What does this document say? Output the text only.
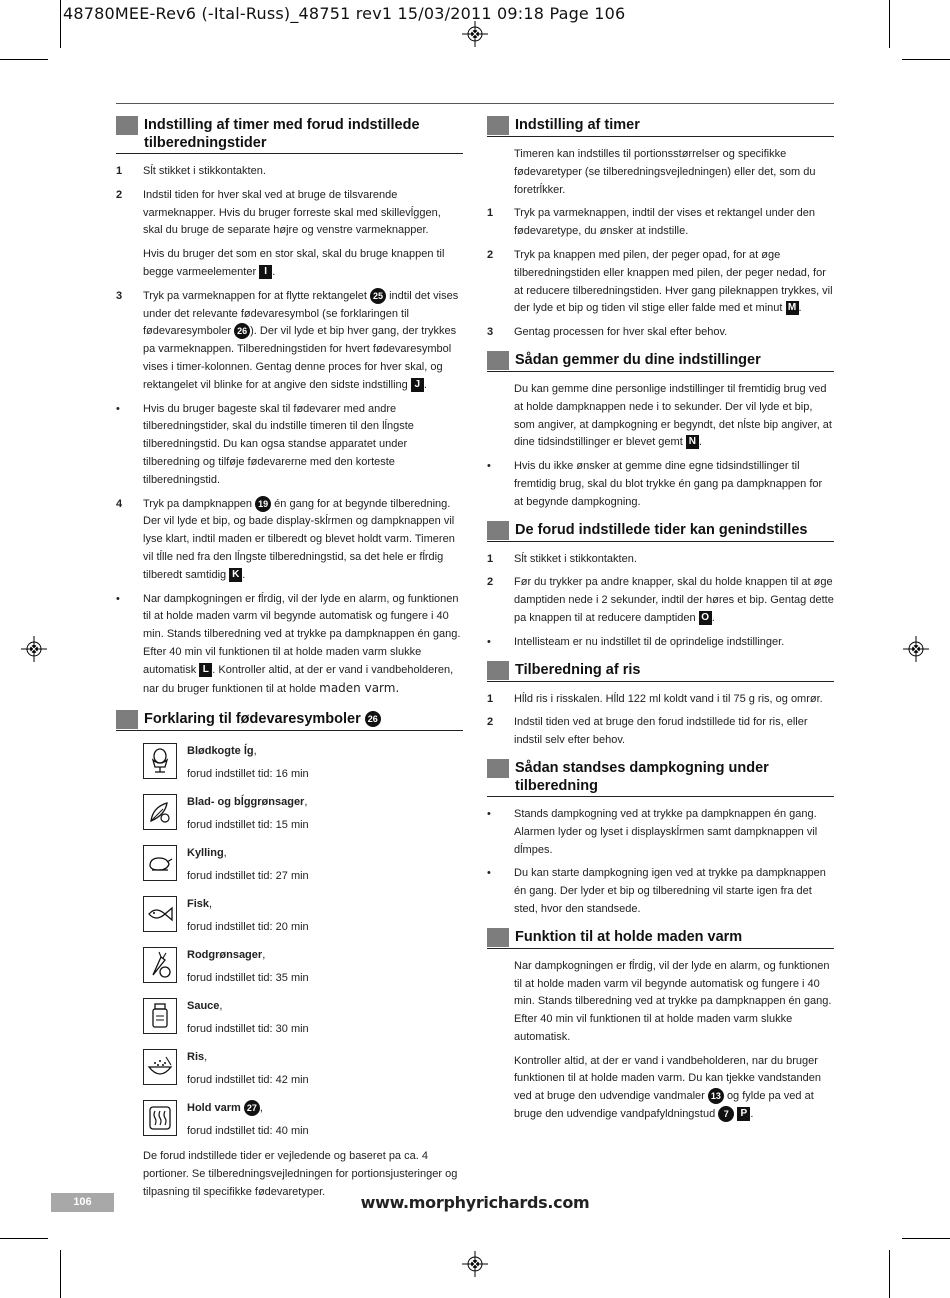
48780MEE-Rev6 (-Ital-Russ)_48751 rev1 15/03/2011 09:18 Page 106
Indstilling af timer med forud indstillede tilberedningstider
1	Sĺt stikket i stikkontakten.
2	Indstil tiden for hver skal ved at bruge de tilsvarende varmeknapper. Hvis du bruger forreste skal med skillevĺggen, skal du bruge de separate højre og venstre varmeknapper.
Hvis du bruger det som en stor skal, skal du bruge knappen til begge varmeelementer I .
3	Tryk pa varmeknappen for at flytte rektangelet 25 indtil det vises under det relevante fødevaresymbol (se forklaringen til fødevaresymboler 26 ). Der vil lyde et bip hver gang, der trykkes pa varmeknappen. Tilberedningstiden for hvert fødevaresymbol vises i timer-kolonnen. Gentag denne proces for hver skal, og rektangelet vil blinke for at angive den sidste indstilling J .
•	Hvis du bruger bageste skal til fødevarer med andre tilberedningstider, skal du indstille timeren til den lĺngste tilberedningstid. Du kan ogsa standse apparatet under tilberedning og tilføje fødevarerne med den korteste tilberedningstid.
4	Tryk pa dampknappen 19 én gang for at begynde tilberedning. Der vil lyde et bip, og bade display-skĺrmen og dampknappen vil lyse klart, indtil maden er tilberedt og blevet holdt varm. Timeren vil tĺlle ned fra den lĺngste tilberedningstid, sa det hele er fĺrdig tilberedt samtidig K .
•	Nar dampkogningen er fĺrdig, vil der lyde en alarm, og funktionen til at holde maden varm vil begynde automatisk og fungere i 40 min. Stands tilberedning ved at trykke pa dampknappen én gang. Efter 40 min vil funktionen til at holde maden varm slukke automatisk L . Kontroller altid, at der er vand i vandbeholderen, nar du bruger funktionen til at holde maden varm.
Forklaring til fødevaresymboler 26
Blødkogte ĺg,
forud indstillet tid: 16 min
Blad- og bĺggrønsager,
forud indstillet tid: 15 min
Kylling,
forud indstillet tid: 27 min
Fisk,
forud indstillet tid: 20 min
Rodgrønsager,
forud indstillet tid: 35 min
Sauce,
forud indstillet tid: 30 min
Ris,
forud indstillet tid: 42 min
Hold varm 27 ,
forud indstillet tid: 40 min
De forud indstillede tider er vejledende og baseret pa ca. 4 portioner. Se tilberedningsvejledningen for portionsjusteringer og tilpasning til specifikke fødevaretyper.
Indstilling af timer
Timeren kan indstilles til portionsstørrelser og specifikke fødevaretyper (se tilberedningsvejledningen) eller det, som du foretrĺkker.
1	Tryk pa varmeknappen, indtil der vises et rektangel under den fødevaretype, du ønsker at indstille.
2	Tryk pa knappen med pilen, der peger opad, for at øge tilberedningstiden eller knappen med pilen, der peger nedad, for at reducere tilberedningstiden. Hver gang pileknappen trykkes, vil der lyde et bip og tiden vil stige eller falde med et minut M .
3	Gentag processen for hver skal efter behov.
Sådan gemmer du dine indstillinger
Du kan gemme dine personlige indstillinger til fremtidig brug ved at holde dampknappen nede i to sekunder. Der vil lyde et bip, som angiver, at dampkogning er begyndt, det nĺste bip angiver, at dine tidsindstillinger er blevet gemt N .
•	Hvis du ikke ønsker at gemme dine egne tidsindstillinger til fremtidig brug, skal du blot trykke én gang pa dampknappen for at begynde dampkogning.
De forud indstillede tider kan genindstilles
1	Sĺt stikket i stikkontakten.
2	Før du trykker pa andre knapper, skal du holde knappen til at øge damptiden nede i 2 sekunder, indtil der høres et bip. Gentag dette pa knappen til at reducere damptiden O .
•	Intellisteam er nu indstillet til de oprindelige indstillinger.
Tilberedning af ris
1	Hĺld ris i risskalen. Hĺld 122 ml koldt vand i til 75 g ris, og omrør.
2	Indstil tiden ved at bruge den forud indstillede tid for ris, eller indstil selv efter behov.
Sådan standses dampkogning under tilberedning
•	Stands dampkogning ved at trykke pa dampknappen én gang. Alarmen lyder og lyset i displayskĺrmen samt dampknappen vil dĺmpes.
•	Du kan starte dampkogning igen ved at trykke pa dampknappen én gang. Der lyder et bip og tilberedning vil starte igen fra det sted, hvor den standsede.
Funktion til at holde maden varm
Nar dampkogningen er fĺrdig, vil der lyde en alarm, og funktionen til at holde maden varm vil begynde automatisk og fungere i 40 min. Stands tilberedning ved at trykke pa dampknappen én gang. Efter 40 min vil funktionen til at holde maden varm slukke automatisk.
Kontroller altid, at der er vand i vandbeholderen, nar du bruger funktionen til at holde maden varm. Du kan tjekke vandstanden ved at bruge den udvendige vandmaler 13 og fylde pa ved at bruge den udvendige vandpafyldningstud 7 P .
106	www.morphyrichards.com
